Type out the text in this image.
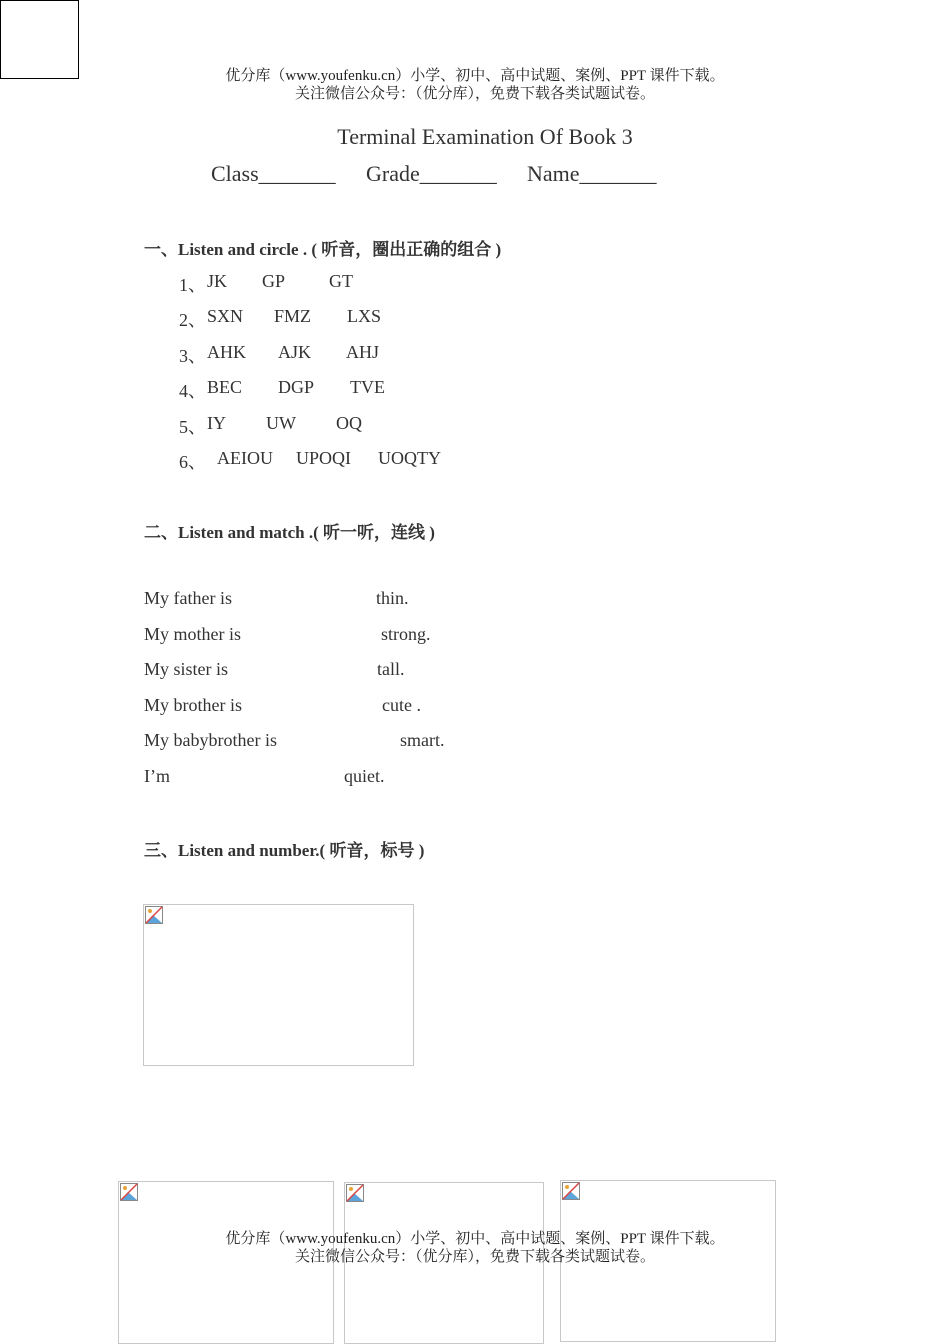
优分库（www.youfenku.cn）小学、初中、高中试题、案例、PPT 课件下载。
关注微信公众号：（优分库），免费下载各类试题试卷。
Terminal Examination Of Book 3
Class_______ Grade_______ Name_______
一、Listen and circle . ( 听音，圈出正确的组合 )
1、 JK GP GT
2、 SXN FMZ LXS
3、 AHK AJK AHJ
4、 BEC DGP TVE
5、 IY UW OQ
6、 AEIOU UPOQI UOQTY
二、Listen and match .( 听一听，连线 )
My father is	thin.
My mother is	strong.
My sister is	tall.
My brother is	cute .
My babybrother is	smart.
I’m	quiet.
三、Listen and number.( 听音，标号 )
优分库（www.youfenku.cn）小学、初中、高中试题、案例、PPT 课件下载。
关注微信公众号：（优分库），免费下载各类试题试卷。
